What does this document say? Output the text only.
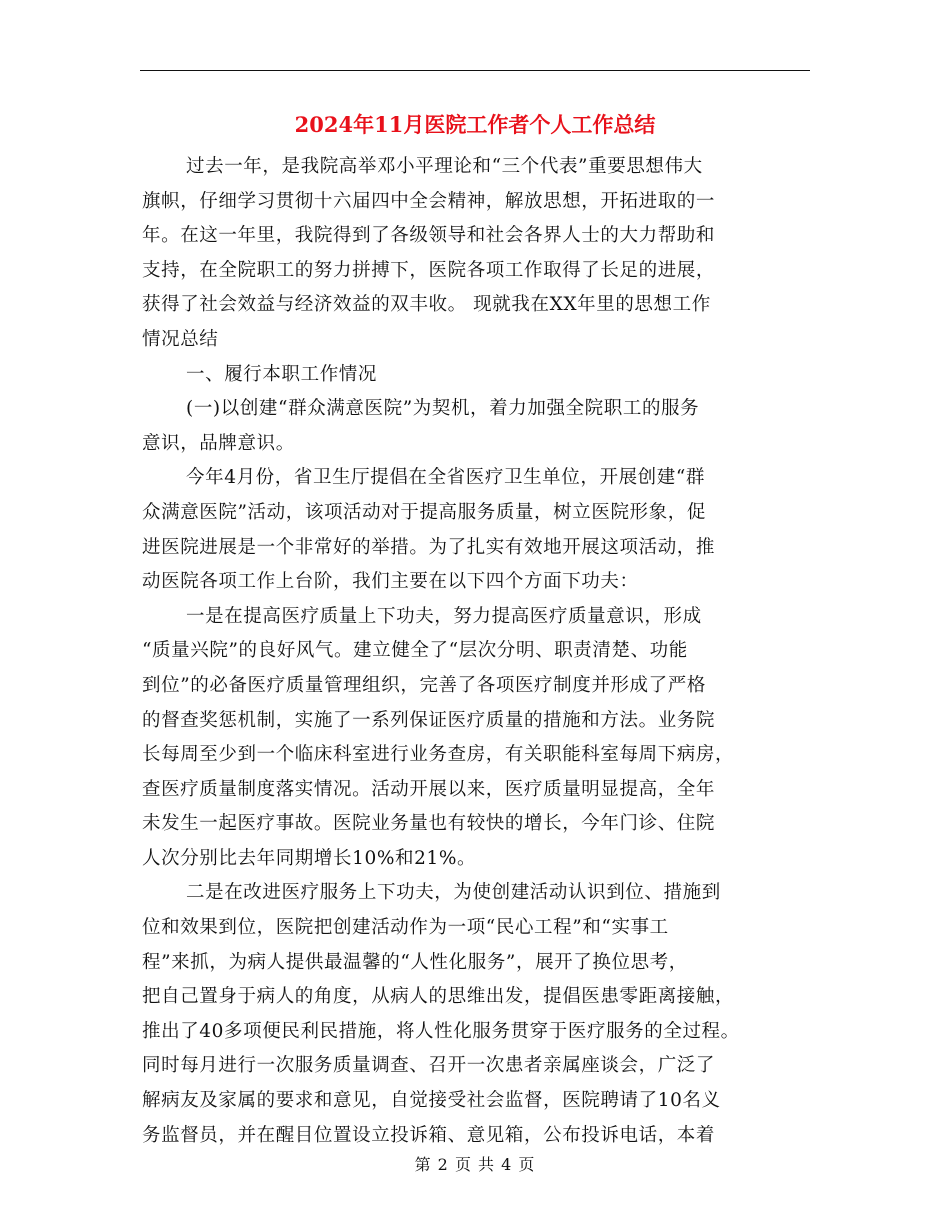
2024年11月医院工作者个人工作总结
过去一年，是我院高举邓小平理论和“三个代表”重要思想伟大
旗帜，仔细学习贯彻十六届四中全会精神，解放思想，开拓进取的一
年。在这一年里，我院得到了各级领导和社会各界人士的大力帮助和
支持，在全院职工的努力拼搏下，医院各项工作取得了长足的进展，
获得了社会效益与经济效益的双丰收。 现就我在XX年里的思想工作
情况总结
一、履行本职工作情况
(一)以创建“群众满意医院”为契机，着力加强全院职工的服务
意识，品牌意识。
今年4月份，省卫生厅提倡在全省医疗卫生单位，开展创建“群
众满意医院”活动，该项活动对于提高服务质量，树立医院形象，促
进医院进展是一个非常好的举措。为了扎实有效地开展这项活动，推
动医院各项工作上台阶，我们主要在以下四个方面下功夫：
一是在提高医疗质量上下功夫，努力提高医疗质量意识，形成
“质量兴院”的良好风气。建立健全了“层次分明、职责清楚、功能
到位”的必备医疗质量管理组织，完善了各项医疗制度并形成了严格
的督查奖惩机制，实施了一系列保证医疗质量的措施和方法。业务院
长每周至少到一个临床科室进行业务查房，有关职能科室每周下病房，
查医疗质量制度落实情况。活动开展以来，医疗质量明显提高，全年
未发生一起医疗事故。医院业务量也有较快的增长，今年门诊、住院
人次分别比去年同期增长10%和21%。
二是在改进医疗服务上下功夫，为使创建活动认识到位、措施到
位和效果到位，医院把创建活动作为一项“民心工程”和“实事工
程”来抓，为病人提供最温馨的“人性化服务”，展开了换位思考，
把自己置身于病人的角度，从病人的思维出发，提倡医患零距离接触，
推出了40多项便民利民措施，将人性化服务贯穿于医疗服务的全过程。
同时每月进行一次服务质量调查、召开一次患者亲属座谈会，广泛了
解病友及家属的要求和意见，自觉接受社会监督，医院聘请了10名义
务监督员，并在醒目位置设立投诉箱、意见箱，公布投诉电话，本着
第 2 页 共 4 页
